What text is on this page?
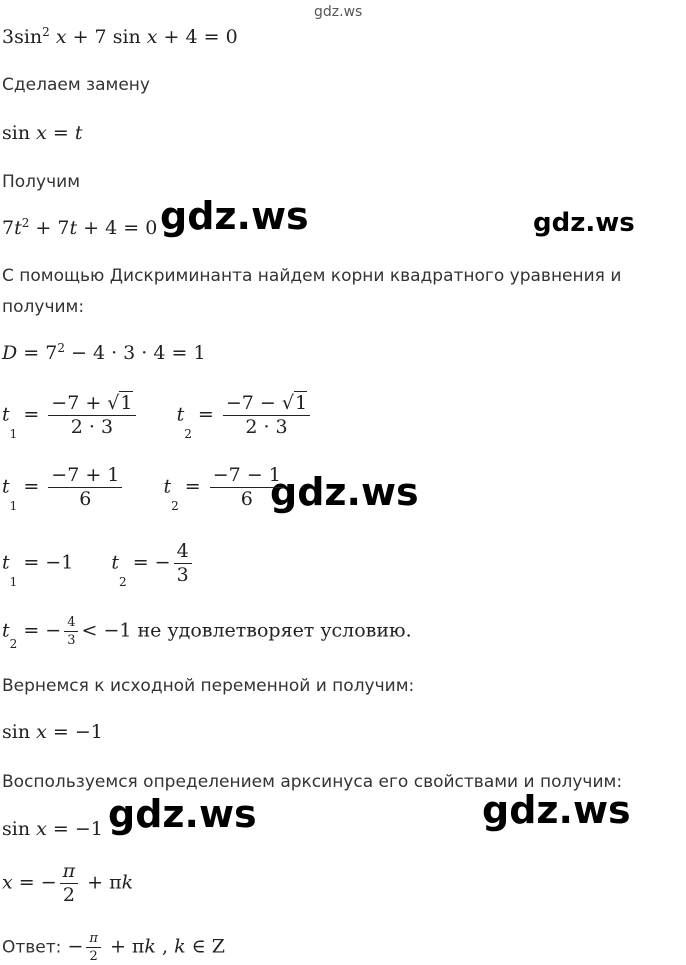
gdz.ws
gdz.ws	gdz.ws
gdz.ws
gdz.ws	gdz.ws
$3\sin^2$ x + 7 sin x + 4 = 0
Сделаем замену
sin x = t
Получим
$7t^2 + 7t + 4 = 0$
С помощью Дискриминанта найдем корни квадратного уравнения и
получим:
$D = 7^2 - 4 \cdot 3 \cdot 4 = 1$
$t_1 = \frac{-7 + √1}{2 \cdot 3} t_2 = \frac{-7 - √1}{2 \cdot 3}$
$t_1 = \frac{-7 + 1}{6} t_2 = \frac{-7 - 1}{6}$
$t_1 = -1$  $t_2$ = − $\frac{4}{3}$
$t_2$ = − $\frac{4}{3} < -1$ не удовлетворяет условию.
Вернемся к исходной переменной и получим:
sin x = −1
Воспользуемся определением арксинуса его свойствами и получим:
sin x = −1
x = − $\frac{\pi}{2} + \pi k$
Ответ: − $\frac{\pi}{2} + \pi k$ , k ∈ Z
